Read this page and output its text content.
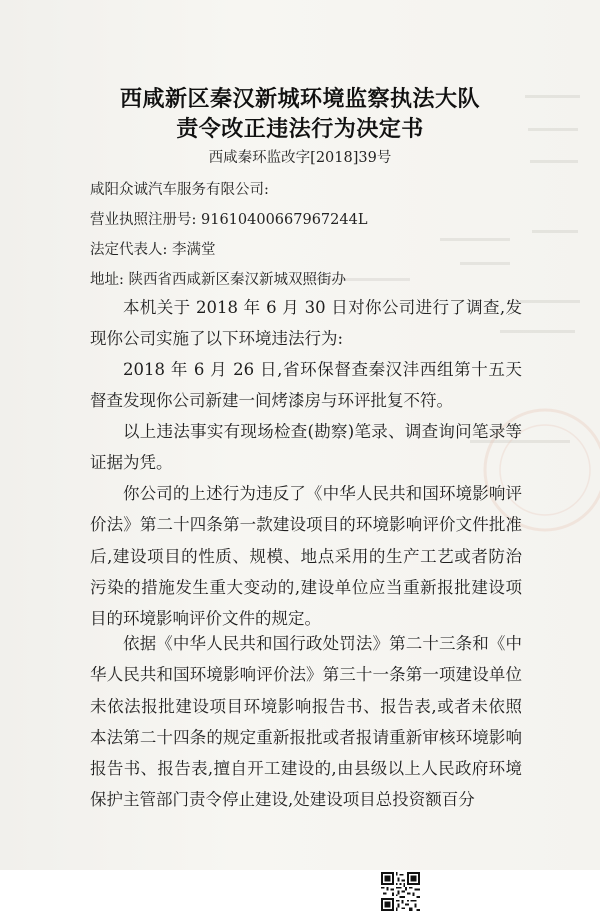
西咸新区秦汉新城环境监察执法大队
责令改正违法行为决定书
西咸秦环监改字[2018]39号
咸阳众诚汽车服务有限公司:
营业执照注册号: 91610400667967244L
法定代表人: 李满堂
地址: 陕西省西咸新区秦汉新城双照街办

本机关于 2018 年 6 月 30 日对你公司进行了调查,发现你公司实施了以下环境违法行为:

2018 年 6 月 26 日,省环保督查秦汉沣西组第十五天督查发现你公司新建一间烤漆房与环评批复不符。

以上违法事实有现场检查(勘察)笔录、调查询问笔录等证据为凭。

你公司的上述行为违反了《中华人民共和国环境影响评价法》第二十四条第一款建设项目的环境影响评价文件批准后,建设项目的性质、规模、地点采用的生产工艺或者防治污染的措施发生重大变动的,建设单位应当重新报批建设项目的环境影响评价文件的规定。

依据《中华人民共和国行政处罚法》第二十三条和《中华人民共和国环境影响评价法》第三十一条第一项建设单位未依法报批建设项目环境影响报告书、报告表,或者未依照本法第二十四条的规定重新报批或者报请重新审核环境影响报告书、报告表,擅自开工建设的,由县级以上人民政府环境保护主管部门责令停止建设,处建设项目总投资额百分
